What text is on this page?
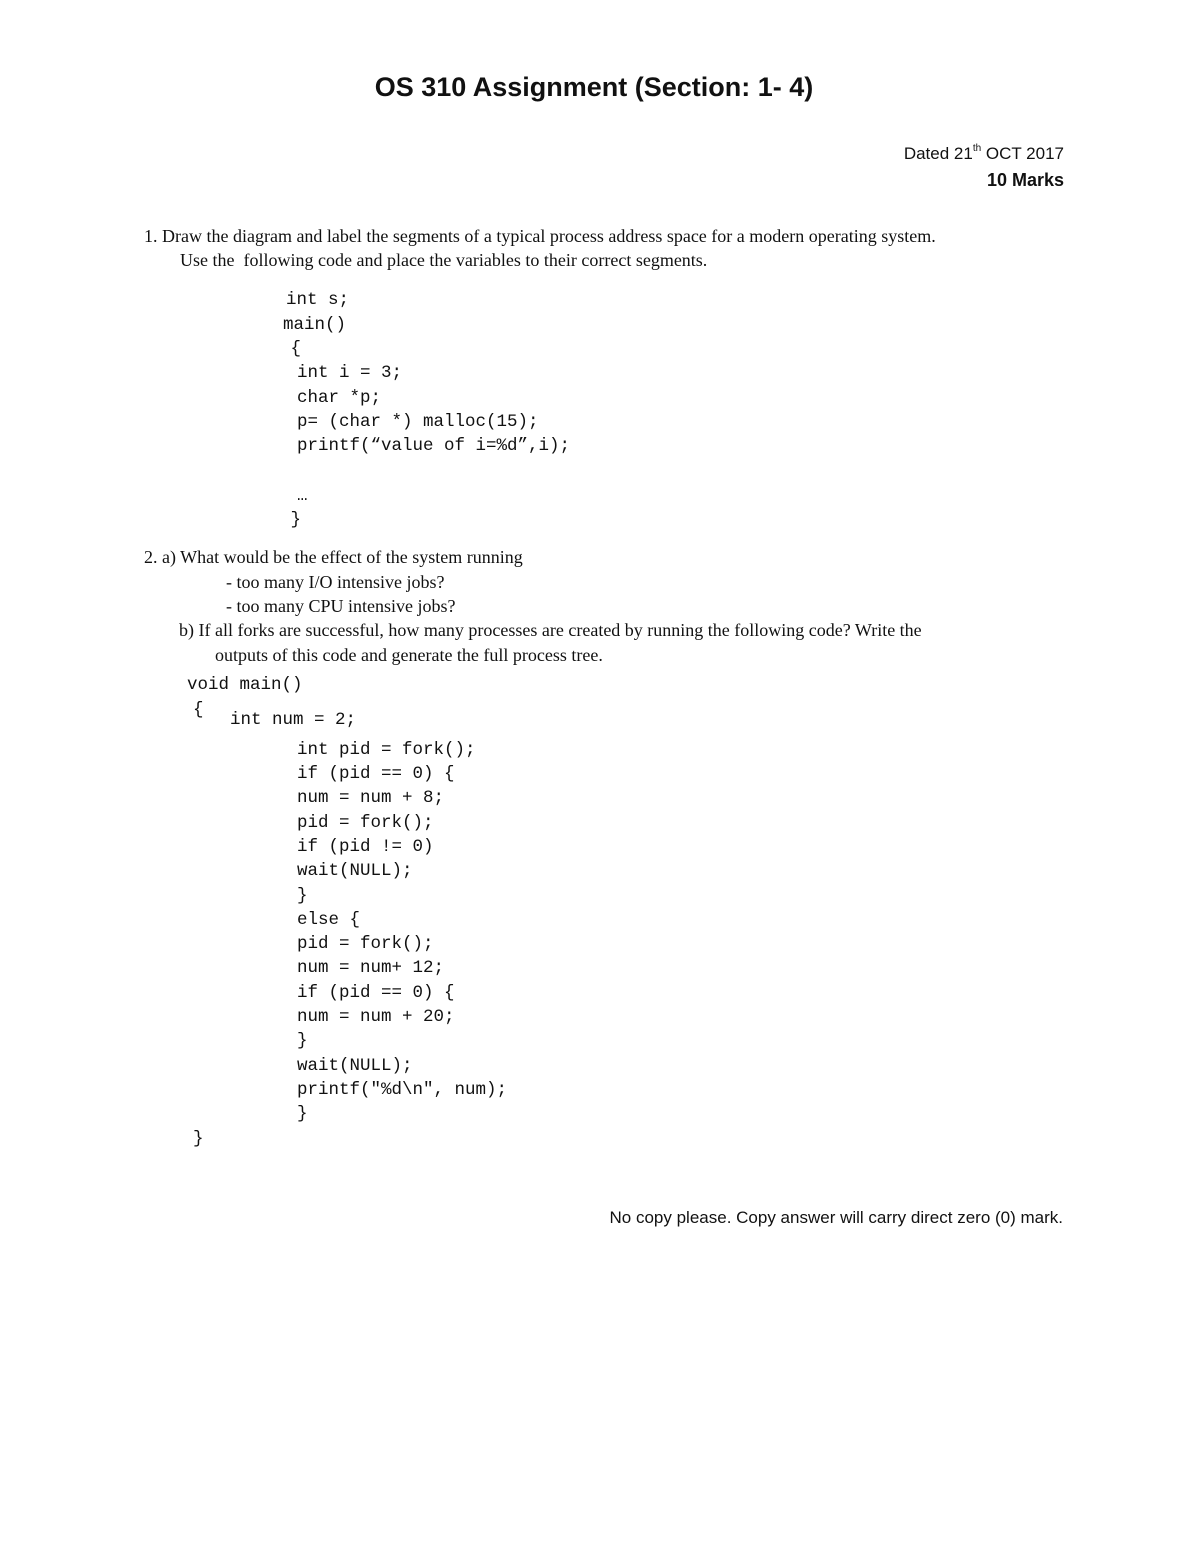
OS 310 Assignment (Section: 1- 4)
Dated 21th OCT 2017
10 Marks
1. Draw the diagram and label the segments of a typical process address space for a modern operating system.
Use the  following code and place the variables to their correct segments.
int s;
main()
{
int i = 3;
char *p;
p= (char *) malloc(15);
printf(“value of i=%d”,i);
…
}
2. a) What would be the effect of the system running
- too many I/O intensive jobs?
- too many CPU intensive jobs?
b) If all forks are successful, how many processes are created by running the following code? Write the
outputs of this code and generate the full process tree.
void main()
{ int num = 2;
int pid = fork();
if (pid == 0) {
num = num + 8;
pid = fork();
if (pid != 0)
wait(NULL);
}
else {
pid = fork();
num = num+ 12;
if (pid == 0) {
num = num + 20;
}
wait(NULL);
printf("%d\n", num);
}
}
No copy please. Copy answer will carry direct zero (0) mark.
